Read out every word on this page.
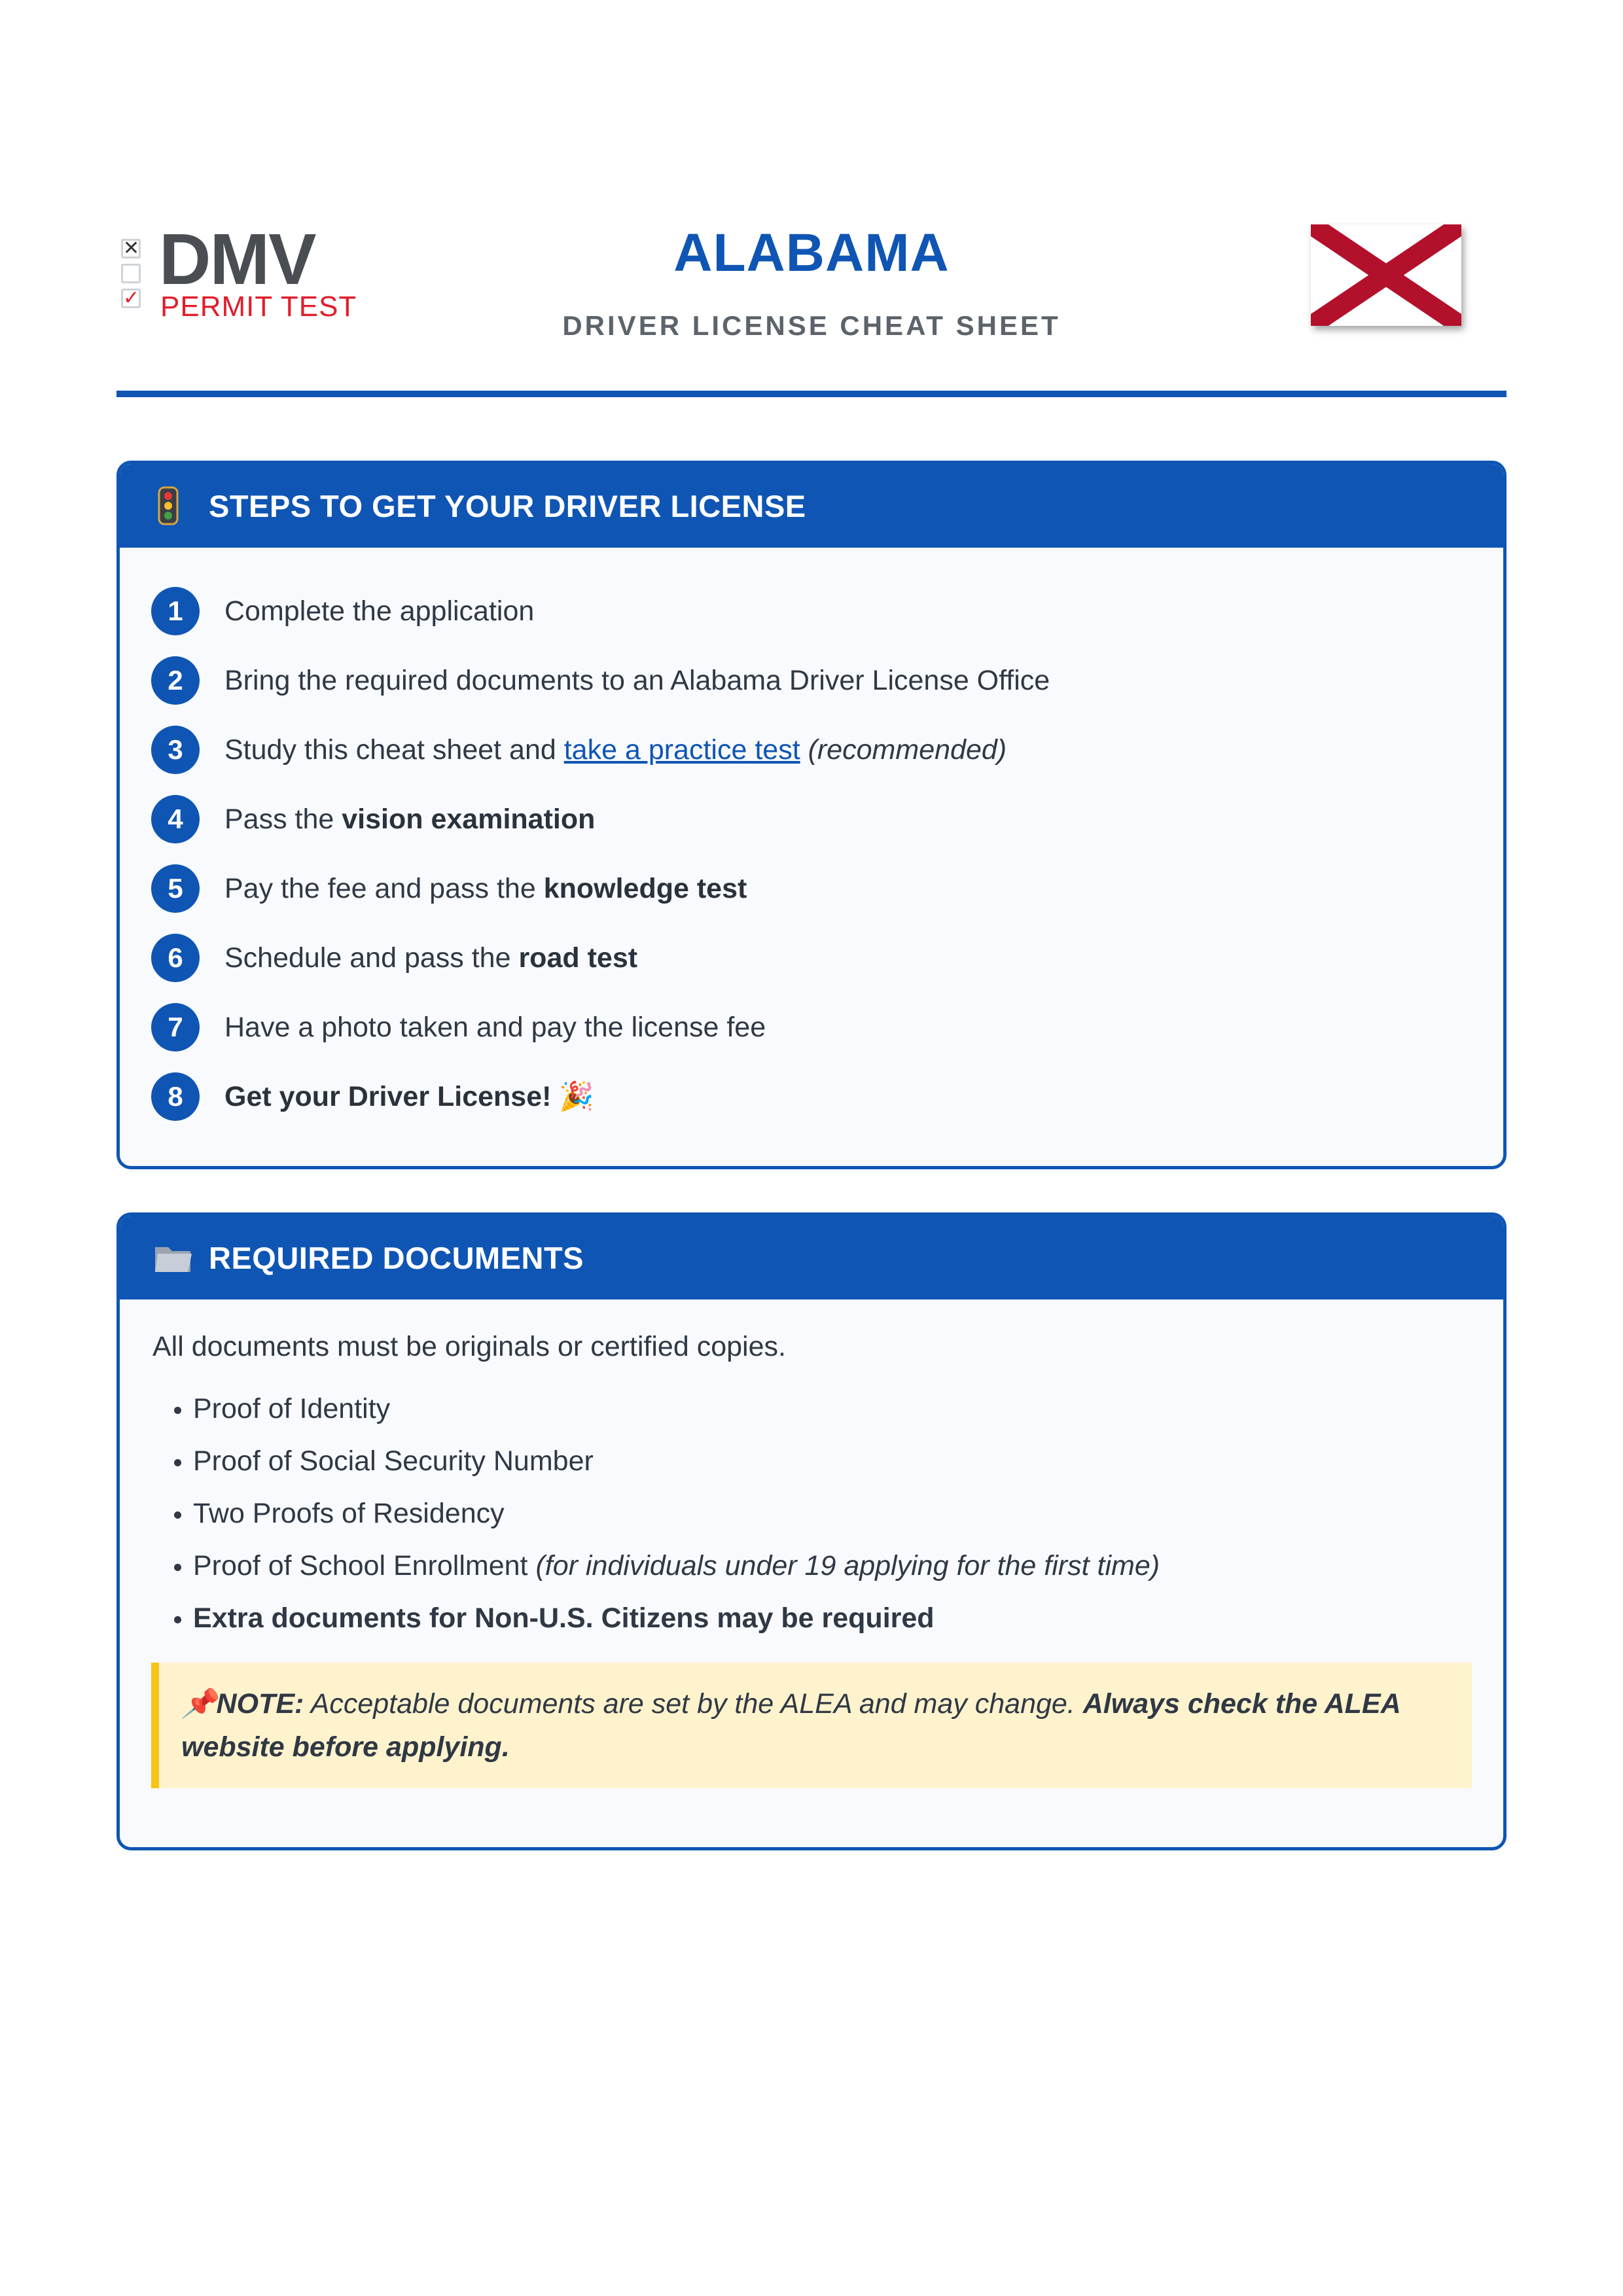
✕
✓ DMV
PERMIT TEST
ALABAMA
DRIVER LICENSE CHEAT SHEET
STEPS TO GET YOUR DRIVER LICENSE
1	Complete the application
2	Bring the required documents to an Alabama Driver License Office
3	Study this cheat sheet and take a practice test (recommended)
4	Pass the vision examination
5	Pay the fee and pass the knowledge test
6	Schedule and pass the road test
7	Have a photo taken and pay the license fee
8	Get your Driver License! 🎉
REQUIRED DOCUMENTS
All documents must be originals or certified copies.
• Proof of Identity
• Proof of Social Security Number
• Two Proofs of Residency
• Proof of School Enrollment (for individuals under 19 applying for the first time)
• Extra documents for Non-U.S. Citizens may be required
📌NOTE: Acceptable documents are set by the ALEA and may change. Always check the ALEA website before applying.
